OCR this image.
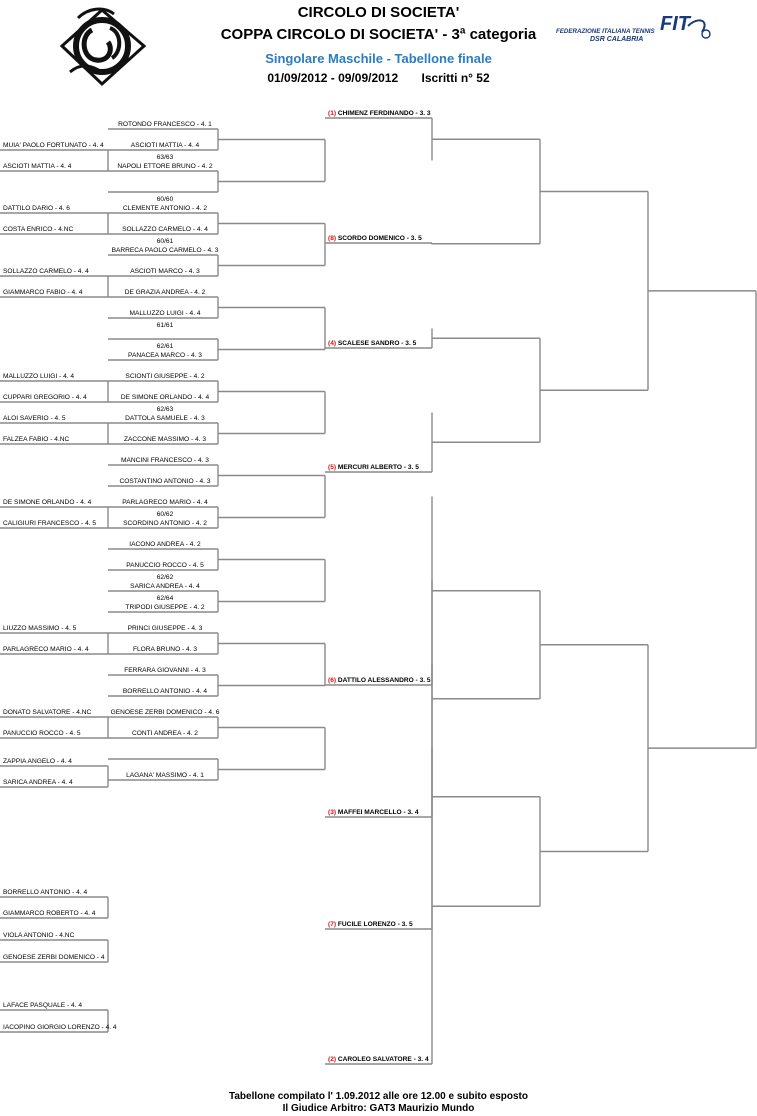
FIT
FEDERAZIONE ITALIANA TENNIS
DSR CALABRIA
CIRCOLO DI SOCIETA'
COPPA CIRCOLO DI SOCIETA' - 3ª categoria
Singolare Maschile - Tabellone finale
01/09/2012 - 09/09/2012 Iscritti n° 52
MUIA' PAOLO FORTUNATO - 4. 4
ASCIOTI MATTIA - 4. 4
DATTILO DARIO - 4. 6
COSTA ENRICO - 4.NC
SOLLAZZO CARMELO - 4. 4
GIAMMARCO FABIO - 4. 4
MALLUZZO LUIGI - 4. 4
CUPPARI GREGORIO - 4. 4
ALOI SAVERIO - 4. 5
FALZEA FABIO - 4.NC
DE SIMONE ORLANDO - 4. 4
CALIGIURI FRANCESCO - 4. 5
LIUZZO MASSIMO - 4. 5
PARLAGRECO MARIO - 4. 4
DONATO SALVATORE - 4.NC
PANUCCIO ROCCO - 4. 5
ZAPPIA ANGELO - 4. 4
SARICA ANDREA - 4. 4
BORRELLO ANTONIO - 4. 4
GIAMMARCO ROBERTO - 4. 4
VIOLA ANTONIO - 4.NC
GENOESE ZERBI DOMENICO - 4
LAFACE PASQUALE - 4. 4
IACOPINO GIORGIO LORENZO - 4. 4
ROTONDO FRANCESCO - 4. 1
ASCIOTI MATTIA - 4. 4
NAPOLI ETTORE BRUNO - 4. 2
CLEMENTE ANTONIO - 4. 2
SOLLAZZO CARMELO - 4. 4
BARRECA PAOLO CARMELO - 4. 3
ASCIOTI MARCO - 4. 3
DE GRAZIA ANDREA - 4. 2
MALLUZZO LUIGI - 4. 4
PANACEA MARCO - 4. 3
SCIONTI GIUSEPPE - 4. 2
DE SIMONE ORLANDO - 4. 4
DATTOLA SAMUELE - 4. 3
ZACCONE MASSIMO - 4. 3
MANCINI FRANCESCO - 4. 3
COSTANTINO ANTONIO - 4. 3
PARLAGRECO MARIO - 4. 4
SCORDINO ANTONIO - 4. 2
IACONO ANDREA - 4. 2
PANUCCIO ROCCO - 4. 5
SARICA ANDREA - 4. 4
TRIPODI GIUSEPPE - 4. 2
PRINCI GIUSEPPE - 4. 3
FLORA BRUNO - 4. 3
FERRARA GIOVANNI - 4. 3
BORRELLO ANTONIO - 4. 4
GENOESE ZERBI DOMENICO - 4. 6
CONTI ANDREA - 4. 2
LAGANA' MASSIMO - 4. 1
63/63
60/60
60/61
61/61
62/61
62/63
60/62
62/62
62/64
(1) CHIMENZ FERDINANDO - 3. 3
(8) SCORDO DOMENICO - 3. 5
(4) SCALESE SANDRO - 3. 5
(5) MERCURI ALBERTO - 3. 5
(6) DATTILO ALESSANDRO - 3. 5
(3) MAFFEI MARCELLO - 3. 4
(7) FUCILE LORENZO - 3. 5
(2) CAROLEO SALVATORE - 3. 4
Tabellone compilato l' 1.09.2012 alle ore 12.00 e subito esposto
Il Giudice Arbitro: GAT3 Maurizio Mundo
